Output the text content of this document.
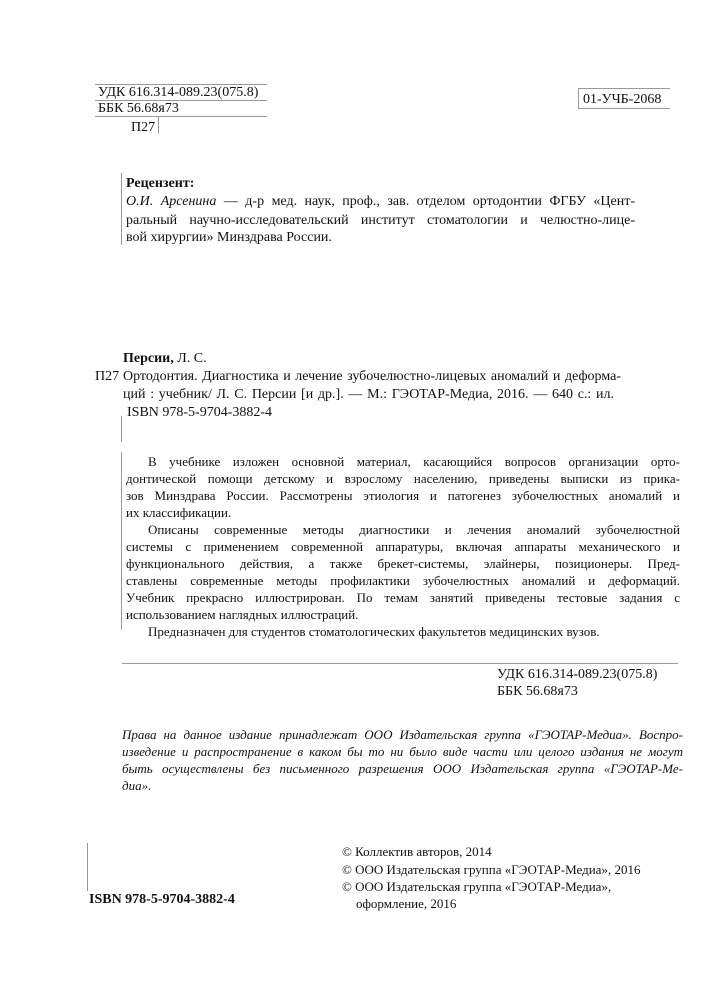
УДК 616.314-089.23(075.8)
ББК 56.68я73
П27
01-УЧБ-2068
Рецензент:
О.И. Арсенина — д-р мед. наук, проф., зав. отделом ортодонтии ФГБУ «Цент-
ральный научно-исследовательский институт стоматологии и челюстно-лице-
вой хирургии» Минздрава России.
Персии, Л. С.
П27 Ортодонтия. Диагностика и лечение зубочелюстно-лицевых аномалий и деформа-
ций : учебник/ Л. С. Персии [и др.]. — М.: ГЭОТАР-Медиа, 2016. — 640 с.: ил.
ISBN 978-5-9704-3882-4
В учебнике изложен основной материал, касающийся вопросов организации орто-
донтической помощи детскому и взрослому населению, приведены выписки из прика-
зов Минздрава России. Рассмотрены этиология и патогенез зубочелюстных аномалий и
их классификации.
Описаны современные методы диагностики и лечения аномалий зубочелюстной
системы с применением современной аппаратуры, включая аппараты механического и
функционального действия, а также брекет-системы, элайнеры, позиционеры. Пред-
ставлены современные методы профилактики зубочелюстных аномалий и деформаций.
Учебник прекрасно иллюстрирован. По темам занятий приведены тестовые задания с
использованием наглядных иллюстраций.
Предназначен для студентов стоматологических факультетов медицинских вузов.
УДК 616.314-089.23(075.8)
ББК 56.68я73
Права на данное издание принадлежат ООО Издательская группа «ГЭОТАР-Медиа». Воспро-
изведение и распространение в каком бы то ни было виде части или целого издания не могут
быть осуществлены без письменного разрешения ООО Издательская группа «ГЭОТАР-Ме-
диа».
ISBN 978-5-9704-3882-4
© Коллектив авторов, 2014
© ООО Издательская группа «ГЭОТАР-Медиа», 2016
© ООО Издательская группа «ГЭОТАР-Медиа»,
оформление, 2016
